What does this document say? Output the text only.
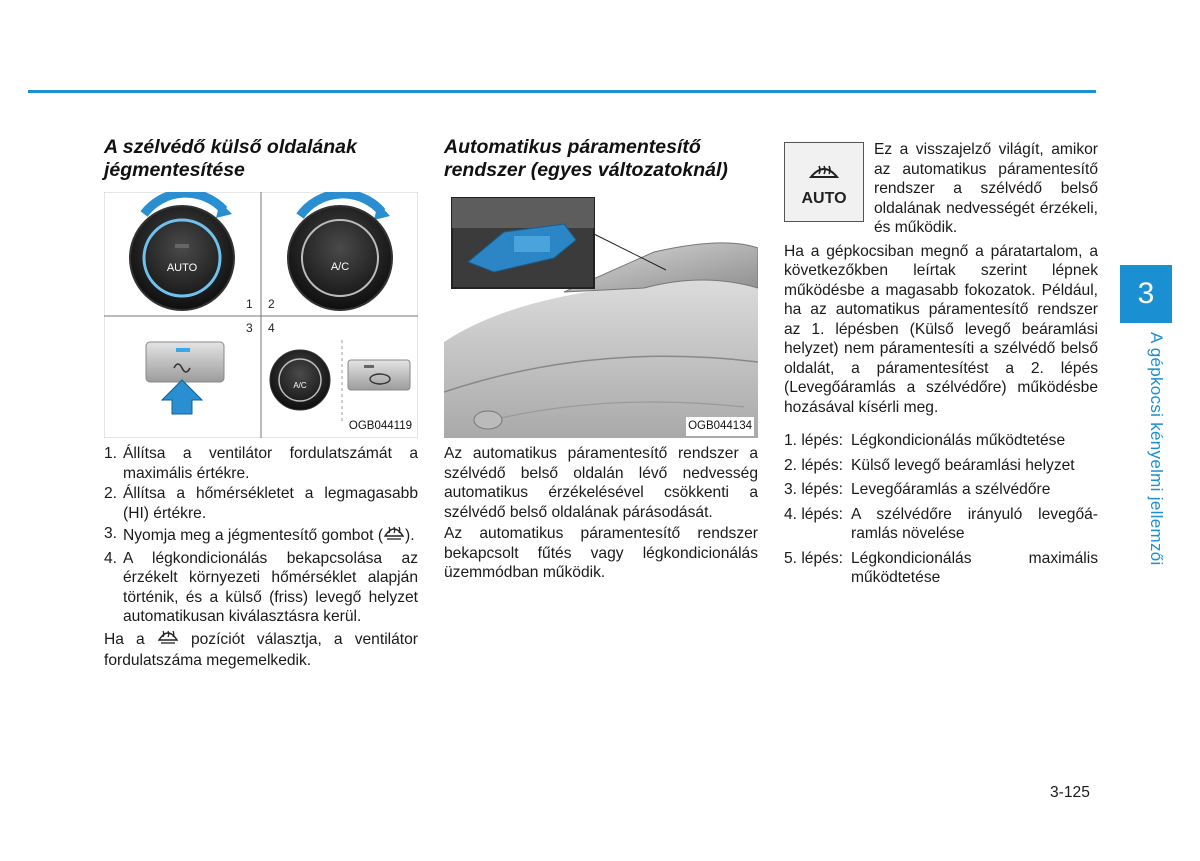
A szélvédő külső oldalának jégmentesítése
AUTO	A/C
1 2
3 4
A/C
OGB044119
1. Állítsa a ventilátor fordulatszámát a maximális értékre.
2. Állítsa a hőmérsékletet a legmagasabb (HI) értékre.
3. Nyomja meg a jégmentesítő gombot ( ).
4. A légkondicionálás bekapcsolása az érzékelt környezeti hőmérséklet alapján történik, és a külső (friss) levegő helyzet automatikusan kiválasztásra kerül.

Ha a  pozíciót választja, a ventilátor fordulatszáma megemelkedik.

Automatikus páramentesítő rendszer (egyes változatoknál)
OGB044134

Az automatikus páramentesítő rendszer a szélvédő belső oldalán lévő nedvesség automatikus érzékelésével csökkenti a szélvédő belső oldalának párásodását.

Az automatikus páramentesítő rendszer bekapcsolt fűtés vagy légkondicionálás üzemmódban működik.

AUTO

Ez a visszajelző világít, amikor az automatikus páramentesítő rendszer a szélvédő belső oldalának nedvességét érzékeli, és működik.

Ha a gépkocsiban megnő a páratartalom, a következőkben leírtak szerint lépnek működésbe a magasabb fokozatok. Például, ha az automatikus páramentesítő rendszer az 1. lépésben (Külső levegő beáramlási helyzet) nem páramentesíti a szélvédő belső oldalát, a páramentesítést a 2. lépés (Levegőáramlás a szélvédőre) működésbe hozásával kísérli meg.

1. lépés: Légkondicionálás működtetése
2. lépés: Külső levegő beáramlási helyzet
3. lépés: Levegőáramlás a szélvédőre
4. lépés: A szélvédőre irányuló levegőáramlás növelése
5. lépés: Légkondicionálás maximális működtetése
3
A gépkocsi kényelmi jellemzői
3-125
